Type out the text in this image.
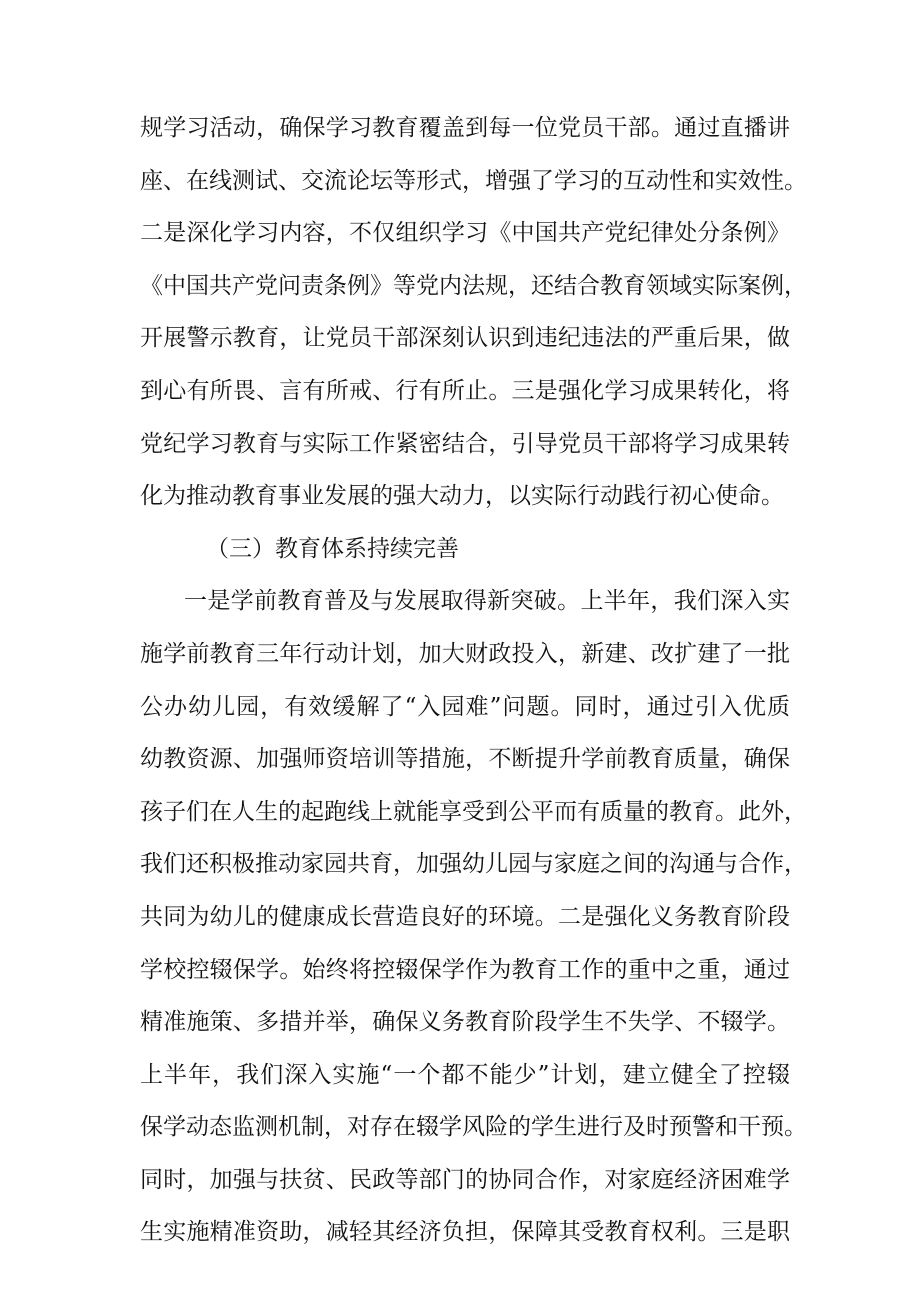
规学习活动，确保学习教育覆盖到每一位党员干部。通过直播讲
座、在线测试、交流论坛等形式，增强了学习的互动性和实效性。
二是深化学习内容，不仅组织学习《中国共产党纪律处分条例》
《中国共产党问责条例》等党内法规，还结合教育领域实际案例，
开展警示教育，让党员干部深刻认识到违纪违法的严重后果，做
到心有所畏、言有所戒、行有所止。三是强化学习成果转化，将
党纪学习教育与实际工作紧密结合，引导党员干部将学习成果转
化为推动教育事业发展的强大动力，以实际行动践行初心使命。
（三）教育体系持续完善
一是学前教育普及与发展取得新突破。上半年，我们深入实
施学前教育三年行动计划，加大财政投入，新建、改扩建了一批
公办幼儿园，有效缓解了“入园难”问题。同时，通过引入优质
幼教资源、加强师资培训等措施，不断提升学前教育质量，确保
孩子们在人生的起跑线上就能享受到公平而有质量的教育。此外，
我们还积极推动家园共育，加强幼儿园与家庭之间的沟通与合作，
共同为幼儿的健康成长营造良好的环境。二是强化义务教育阶段
学校控辍保学。始终将控辍保学作为教育工作的重中之重，通过
精准施策、多措并举，确保义务教育阶段学生不失学、不辍学。
上半年，我们深入实施“一个都不能少”计划，建立健全了控辍
保学动态监测机制，对存在辍学风险的学生进行及时预警和干预。
同时，加强与扶贫、民政等部门的协同合作，对家庭经济困难学
生实施精准资助，减轻其经济负担，保障其受教育权利。三是职
